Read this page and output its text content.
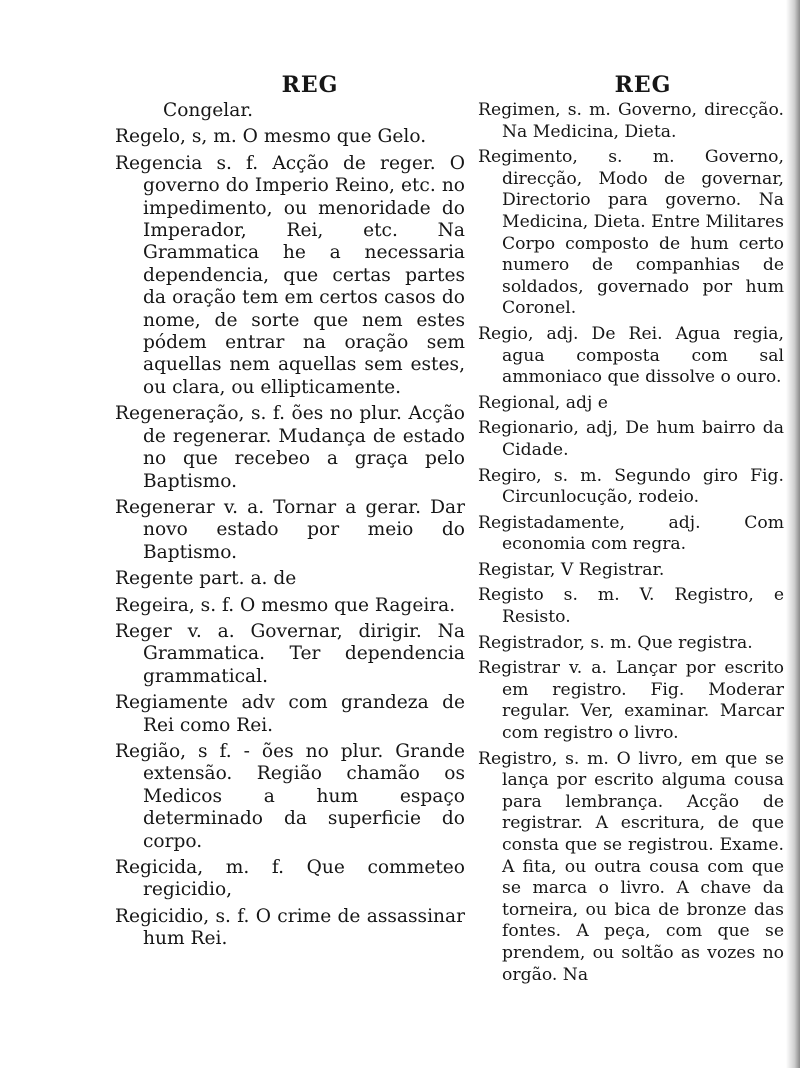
REG

Congelar.

Regelo, s, m. O mesmo que Gelo.

Regencia s. f. Acção de reger. O governo do Imperio Reino, etc. no impedimento, ou menoridade do Imperador, Rei, etc. Na Grammatica he a necessaria dependencia, que certas partes da oração tem em certos casos do nome, de sorte que nem estes pódem entrar na oração sem aquellas nem aquellas sem estes, ou clara, ou ellipticamente.

Regeneração, s. f. ões no plur. Acção de regenerar. Mudança de estado no que recebeo a graça pelo Baptismo.

Regenerar v. a. Tornar a gerar. Dar novo estado por meio do Baptismo.

Regente part. a. de

Regeira, s. f. O mesmo que Rageira.

Reger v. a. Governar, dirigir. Na Grammatica. Ter dependencia grammatical.

Regiamente adv com grandeza de Rei como Rei.

Região, s f. - ões no plur. Grande extensão. Região chamão os Medicos a hum espaço determinado da superficie do corpo.

Regicida, m. f. Que commeteo regicidio,

Regicidio, s. f. O crime de assassinar hum Rei.

REG

Regimen, s. m. Governo, direcção. Na Medicina, Dieta.

Regimento, s. m. Governo, direcção, Modo de governar, Directorio para governo. Na Medicina, Dieta. Entre Militares Corpo composto de hum certo numero de companhias de soldados, governado por hum Coronel.

Regio, adj. De Rei. Agua regia, agua composta com sal ammoniaco que dissolve o ouro.

Regional, adj e

Regionario, adj, De hum bairro da Cidade.

Regiro, s. m. Segundo giro Fig. Circunlocução, rodeio.

Registadamente, adj. Com economia com regra.

Registar, V Registrar.

Registo s. m. V. Registro, e Resisto.

Registrador, s. m. Que registra.

Registrar v. a. Lançar por escrito em registro. Fig. Moderar regular. Ver, examinar. Marcar com registro o livro.

Registro, s. m. O livro, em que se lança por escrito alguma cousa para lembrança. Acção de registrar. A escritura, de que consta que se registrou. Exame. A fita, ou outra cousa com que se marca o livro. A chave da torneira, ou bica de bronze das fontes. A peça, com que se prendem, ou soltão as vozes no orgão. Na
